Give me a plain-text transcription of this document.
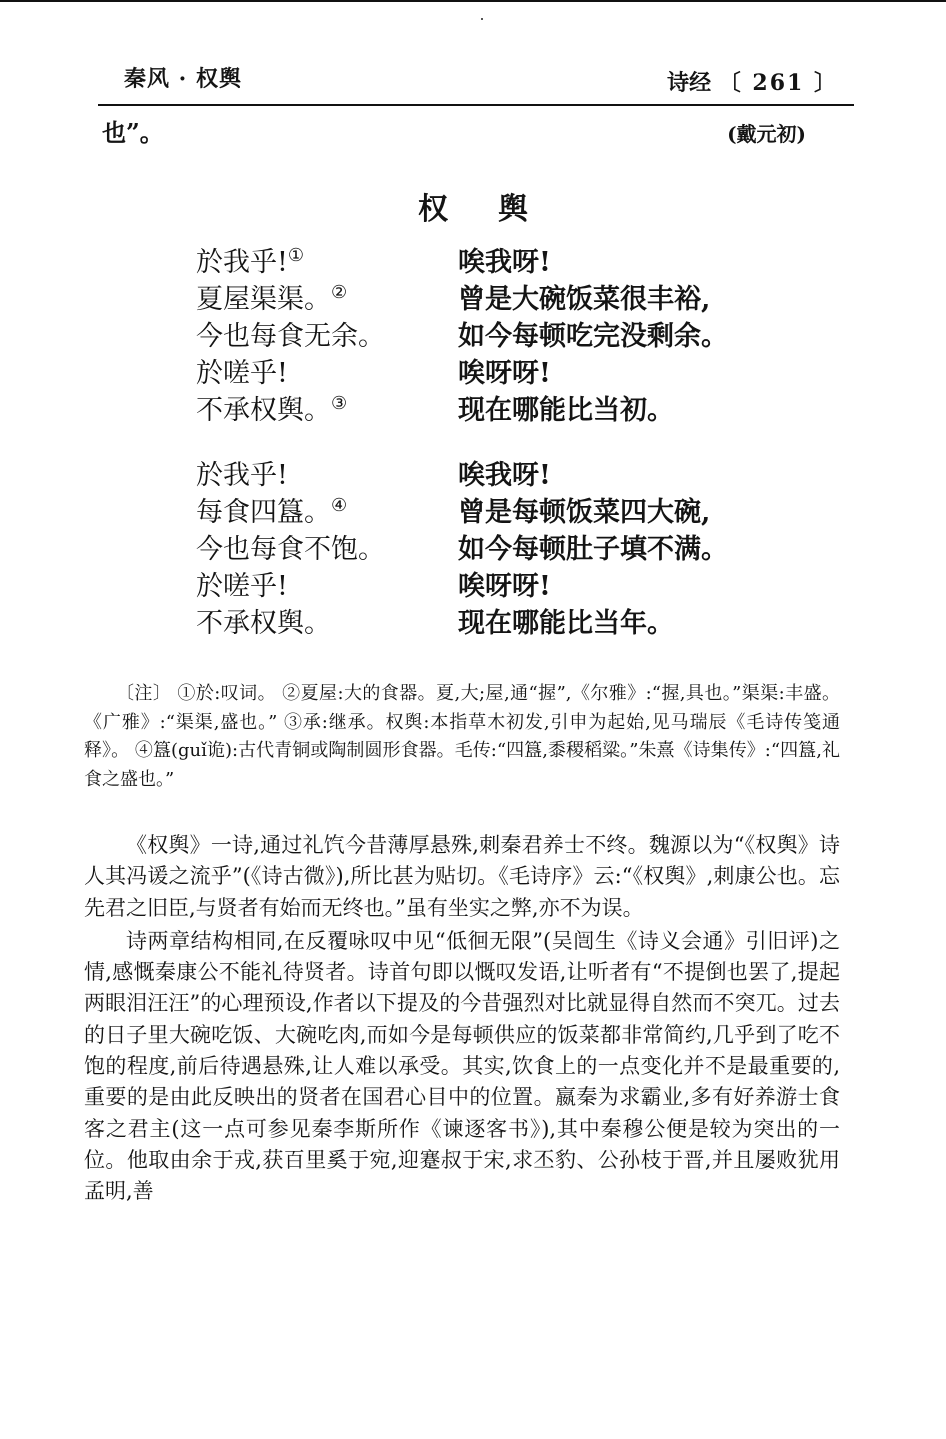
秦风 · 权舆	诗经 〔 261 〕
也”。	(戴元初)
权舆
於我乎!①	唉我呀!
夏屋渠渠。②	曾是大碗饭菜很丰裕,
今也每食无余。	如今每顿吃完没剩余。
於嗟乎!	唉呀呀!
不承权舆。③	现在哪能比当初。
於我乎!	唉我呀!
每食四簋。④	曾是每顿饭菜四大碗,
今也每食不饱。	如今每顿肚子填不满。
於嗟乎!	唉呀呀!
不承权舆。	现在哪能比当年。
〔注〕 ①於:叹词。 ②夏屋:大的食器。夏,大;屋,通“握”,《尔雅》:“握,具也。”渠渠:丰盛。《广雅》:“渠渠,盛也。” ③承:继承。权舆:本指草木初发,引申为起始,见马瑞辰《毛诗传笺通释》。 ④簋(guǐ诡):古代青铜或陶制圆形食器。毛传:“四簋,黍稷稻粱。”朱熹《诗集传》:“四簋,礼食之盛也。”

《权舆》一诗,通过礼饩今昔薄厚悬殊,刺秦君养士不终。魏源以为“《权舆》诗人其冯谖之流乎”(《诗古微》),所比甚为贴切。《毛诗序》云:“《权舆》,刺康公也。忘先君之旧臣,与贤者有始而无终也。”虽有坐实之弊,亦不为误。

诗两章结构相同,在反覆咏叹中见“低徊无限”(吴闿生《诗义会通》引旧评)之情,感慨秦康公不能礼待贤者。诗首句即以慨叹发语,让听者有“不提倒也罢了,提起两眼泪汪汪”的心理预设,作者以下提及的今昔强烈对比就显得自然而不突兀。过去的日子里大碗吃饭、大碗吃肉,而如今是每顿供应的饭菜都非常简约,几乎到了吃不饱的程度,前后待遇悬殊,让人难以承受。其实,饮食上的一点变化并不是最重要的,重要的是由此反映出的贤者在国君心目中的位置。嬴秦为求霸业,多有好养游士食客之君主(这一点可参见秦李斯所作《谏逐客书》),其中秦穆公便是较为突出的一位。他取由余于戎,获百里奚于宛,迎蹇叔于宋,求丕豹、公孙枝于晋,并且屡败犹用孟明,善
